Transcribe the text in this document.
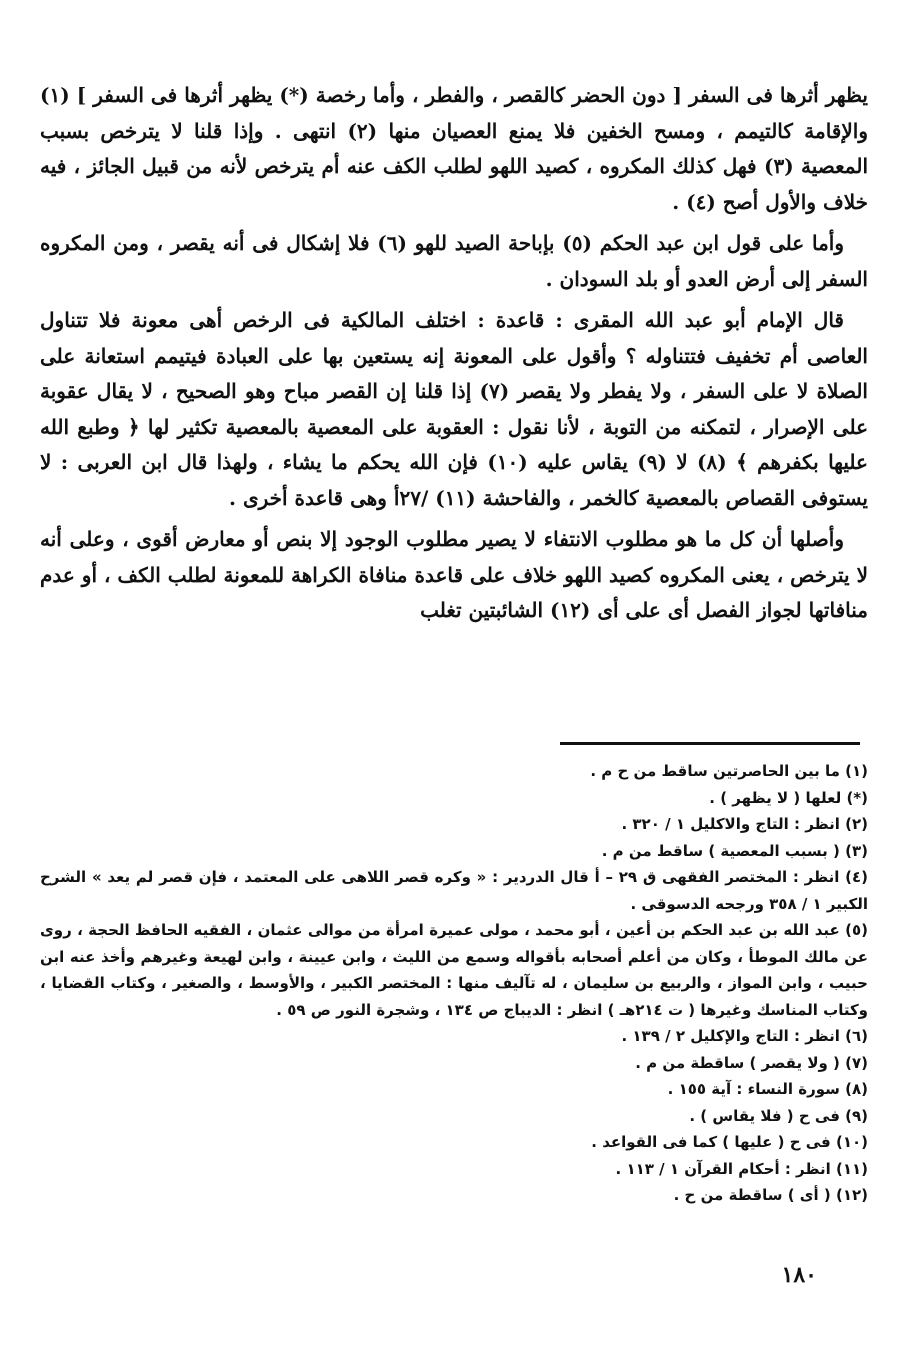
يظهر أثرها فى السفر [ دون الحضر كالقصر ، والفطر ، وأما رخصة (*) يظهر أثرها فى السفر ] (١) والإقامة كالتيمم ، ومسح الخفين فلا يمنع العصيان منها (٢) انتهى . وإذا قلنا لا يترخص بسبب المعصية (٣) فهل كذلك المكروه ، كصيد اللهو لطلب الكف عنه أم يترخص لأنه من قبيل الجائز ، فيه خلاف والأول أصح (٤) .

وأما على قول ابن عبد الحكم (٥) بإباحة الصيد للهو (٦) فلا إشكال فى أنه يقصر ، ومن المكروه السفر إلى أرض العدو أو بلد السودان .

قال الإمام أبو عبد الله المقرى : قاعدة : اختلف المالكية فى الرخص أهى معونة فلا تتناول العاصى أم تخفيف فتتناوله ؟ وأقول على المعونة إنه يستعين بها على العبادة فيتيمم استعانة على الصلاة لا على السفر ، ولا يفطر ولا يقصر (٧) إذا قلنا إن القصر مباح وهو الصحيح ، لا يقال عقوبة على الإصرار ، لتمكنه من التوبة ، لأنا نقول : العقوبة على المعصية بالمعصية تكثير لها ﴿ وطبع الله عليها بكفرهم ﴾ (٨) لا (٩) يقاس عليه (١٠) فإن الله يحكم ما يشاء ، ولهذا قال ابن العربى : لا يستوفى القصاص بالمعصية كالخمر ، والفاحشة (١١) /٢٧أ وهى قاعدة أخرى .

وأصلها أن كل ما هو مطلوب الانتفاء لا يصير مطلوب الوجود إلا بنص أو معارض أقوى ، وعلى أنه لا يترخص ، يعنى المكروه كصيد اللهو خلاف على قاعدة منافاة الكراهة للمعونة لطلب الكف ، أو عدم منافاتها لجواز الفصل أى على أى (١٢) الشائبتين تغلب

(١) ما بين الحاصرتين ساقط من ح م .
(*) لعلها ( لا يظهر ) .
(٢) انظر : التاج والاكليل ١ / ٣٢٠ .
(٣) ( بسبب المعصية ) ساقط من م .
(٤) انظر : المختصر الفقهى ق ٢٩ – أ قال الدردير : « وكره قصر اللاهى على المعتمد ، فإن قصر لم يعد » الشرح الكبير ١ / ٣٥٨ ورجحه الدسوقى .
(٥) عبد الله بن عبد الحكم بن أعين ، أبو محمد ، مولى عميرة امرأة من موالى عثمان ، الفقيه الحافظ الحجة ، روى عن مالك الموطأ ، وكان من أعلم أصحابه بأقواله وسمع من الليث ، وابن عيينة ، وابن لهيعة وغيرهم وأخذ عنه ابن حبيب ، وابن المواز ، والربيع بن سليمان ، له تآليف منها : المختصر الكبير ، والأوسط ، والصغير ، وكتاب القضايا ، وكتاب المناسك وغيرها ( ت ٢١٤هـ ) انظر : الديباج ص ١٣٤ ، وشجرة النور ص ٥٩ .
(٦) انظر : التاج والإكليل ٢ / ١٣٩ .
(٧) ( ولا يقصر ) ساقطة من م .
(٨) سورة النساء : آية ١٥٥ .
(٩) فى ح ( فلا يقاس ) .
(١٠) فى ح ( عليها ) كما فى القواعد .
(١١) انظر : أحكام القرآن ١ / ١١٣ .
(١٢) ( أى ) ساقطة من ح .
١٨٠
